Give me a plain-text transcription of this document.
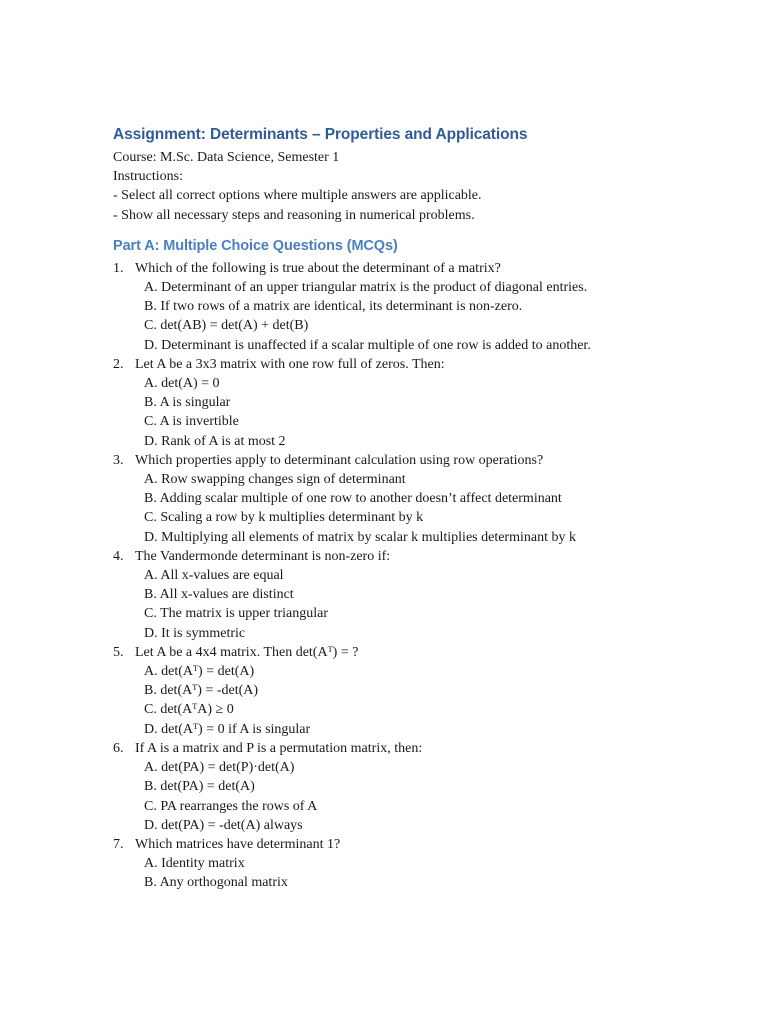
Assignment: Determinants – Properties and Applications
Course: M.Sc. Data Science, Semester 1
Instructions:
- Select all correct options where multiple answers are applicable.
- Show all necessary steps and reasoning in numerical problems.
Part A: Multiple Choice Questions (MCQs)
1. Which of the following is true about the determinant of a matrix?
A. Determinant of an upper triangular matrix is the product of diagonal entries.
B. If two rows of a matrix are identical, its determinant is non-zero.
C. det(AB) = det(A) + det(B)
D. Determinant is unaffected if a scalar multiple of one row is added to another.
2. Let A be a 3x3 matrix with one row full of zeros. Then:
A. det(A) = 0
B. A is singular
C. A is invertible
D. Rank of A is at most 2
3. Which properties apply to determinant calculation using row operations?
A. Row swapping changes sign of determinant
B. Adding scalar multiple of one row to another doesn’t affect determinant
C. Scaling a row by k multiplies determinant by k
D. Multiplying all elements of matrix by scalar k multiplies determinant by k
4. The Vandermonde determinant is non-zero if:
A. All x-values are equal
B. All x-values are distinct
C. The matrix is upper triangular
D. It is symmetric
5. Let A be a 4x4 matrix. Then det(Aᵀ) = ?
A. det(Aᵀ) = det(A)
B. det(Aᵀ) = -det(A)
C. det(AᵀA) ≥ 0
D. det(Aᵀ) = 0 if A is singular
6. If A is a matrix and P is a permutation matrix, then:
A. det(PA) = det(P)·det(A)
B. det(PA) = det(A)
C. PA rearranges the rows of A
D. det(PA) = -det(A) always
7. Which matrices have determinant 1?
A. Identity matrix
B. Any orthogonal matrix
